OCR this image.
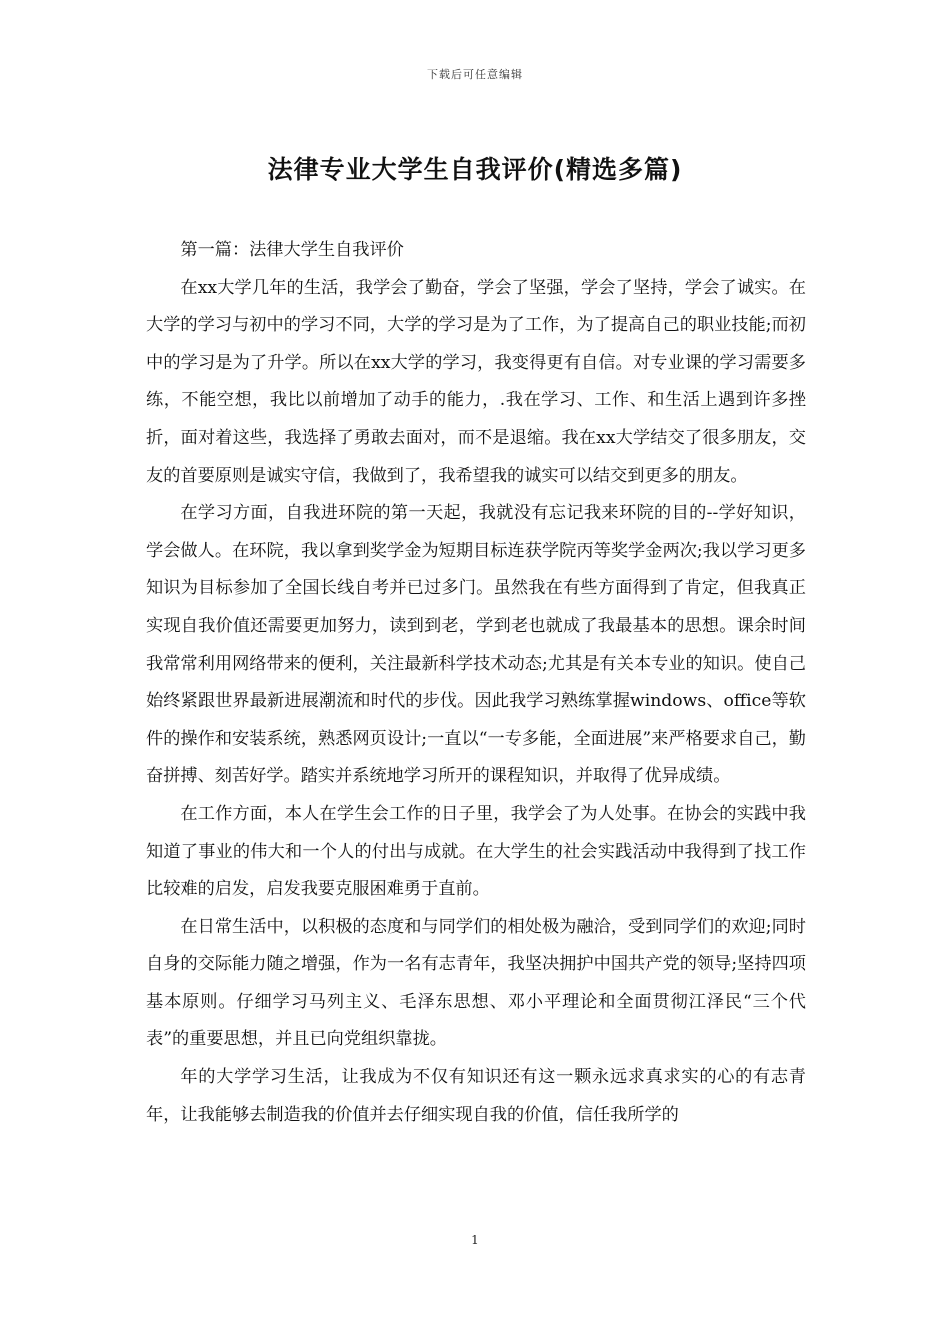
下载后可任意编辑
法律专业大学生自我评价(精选多篇)

第一篇：法律大学生自我评价

在xx大学几年的生活，我学会了勤奋，学会了坚强，学会了坚持，学会了诚实。在大学的学习与初中的学习不同，大学的学习是为了工作，为了提高自己的职业技能;而初中的学习是为了升学。所以在xx大学的学习，我变得更有自信。对专业课的学习需要多练，不能空想，我比以前增加了动手的能力，.我在学习、工作、和生活上遇到许多挫折，面对着这些，我选择了勇敢去面对，而不是退缩。我在xx大学结交了很多朋友，交友的首要原则是诚实守信，我做到了，我希望我的诚实可以结交到更多的朋友。

在学习方面，自我进环院的第一天起，我就没有忘记我来环院的目的--学好知识，学会做人。在环院，我以拿到奖学金为短期目标连获学院丙等奖学金两次;我以学习更多知识为目标参加了全国长线自考并已过多门。虽然我在有些方面得到了肯定，但我真正实现自我价值还需要更加努力，读到到老，学到老也就成了我最基本的思想。课余时间我常常利用网络带来的便利，关注最新科学技术动态;尤其是有关本专业的知识。使自己始终紧跟世界最新进展潮流和时代的步伐。因此我学习熟练掌握windows、office等软件的操作和安装系统，熟悉网页设计;一直以“一专多能，全面进展”来严格要求自己，勤奋拼搏、刻苦好学。踏实并系统地学习所开的课程知识，并取得了优异成绩。

在工作方面，本人在学生会工作的日子里，我学会了为人处事。在协会的实践中我知道了事业的伟大和一个人的付出与成就。在大学生的社会实践活动中我得到了找工作比较难的启发，启发我要克服困难勇于直前。

在日常生活中，以积极的态度和与同学们的相处极为融洽，受到同学们的欢迎;同时自身的交际能力随之增强，作为一名有志青年，我坚决拥护中国共产党的领导;坚持四项基本原则。仔细学习马列主义、毛泽东思想、邓小平理论和全面贯彻江泽民“三个代表”的重要思想，并且已向党组织靠拢。

年的大学学习生活，让我成为不仅有知识还有这一颗永远求真求实的心的有志青年，让我能够去制造我的价值并去仔细实现自我的价值，信任我所学的

1
